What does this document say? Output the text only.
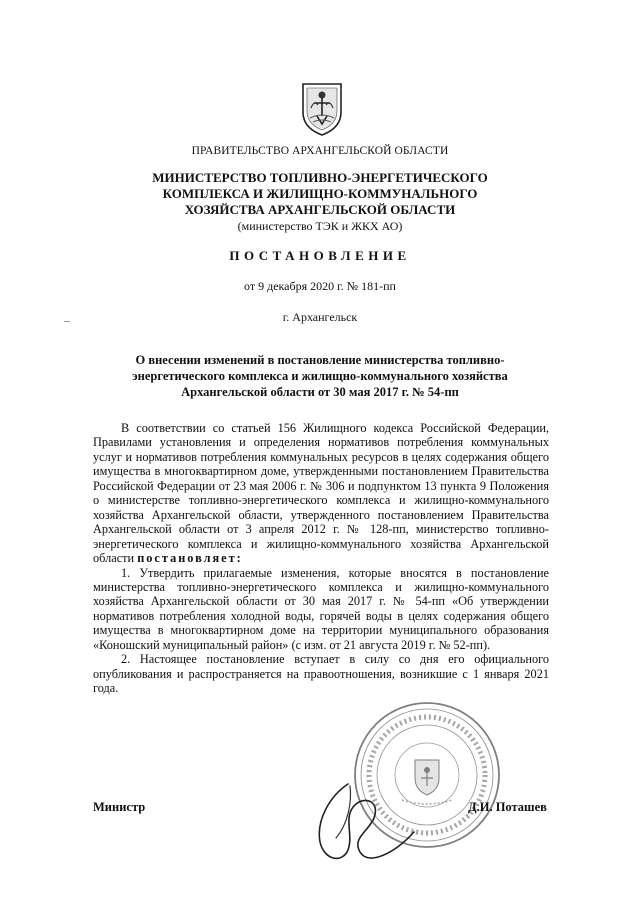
ПРАВИТЕЛЬСТВО АРХАНГЕЛЬСКОЙ ОБЛАСТИ
МИНИСТЕРСТВО ТОПЛИВНО-ЭНЕРГЕТИЧЕСКОГО
КОМПЛЕКСА И ЖИЛИЩНО-КОММУНАЛЬНОГО
ХОЗЯЙСТВА АРХАНГЕЛЬСКОЙ ОБЛАСТИ
(министерство ТЭК и ЖКХ АО)
ПОСТАНОВЛЕНИЕ
от 9 декабря 2020 г. № 181-пп
г. Архангельск
О внесении изменений в постановление министерства топливно-энергетического комплекса и жилищно-коммунального хозяйства Архангельской области от 30 мая 2017 г. № 54-пп

В соответствии со статьей 156 Жилищного кодекса Российской Федерации, Правилами установления и определения нормативов потребления коммунальных услуг и нормативов потребления коммунальных ресурсов в целях содержания общего имущества в многоквартирном доме, утвержденными постановлением Правительства Российской Федерации от 23 мая 2006 г. № 306 и подпунктом 13 пункта 9 Положения о министерстве топливно-энергетического комплекса и жилищно-коммунального хозяйства Архангельской области, утвержденного постановлением Правительства Архангельской области от 3 апреля 2012 г. № 128-пп, министерство топливно-энергетического комплекса и жилищно-коммунального хозяйства Архангельской области постановляет:

1. Утвердить прилагаемые изменения, которые вносятся в постановление министерства топливно-энергетического комплекса и жилищно-коммунального хозяйства Архангельской области от 30 мая 2017 г. № 54-пп «Об утверждении нормативов потребления холодной воды, горячей воды в целях содержания общего имущества в многоквартирном доме на территории муниципального образования «Коношский муниципальный район» (с изм. от 21 августа 2019 г. № 52-пп).

2. Настоящее постановление вступает в силу со дня его официального опубликования и распространяется на правоотношения, возникшие с 1 января 2021 года.

Министр	Д.И. Поташев
